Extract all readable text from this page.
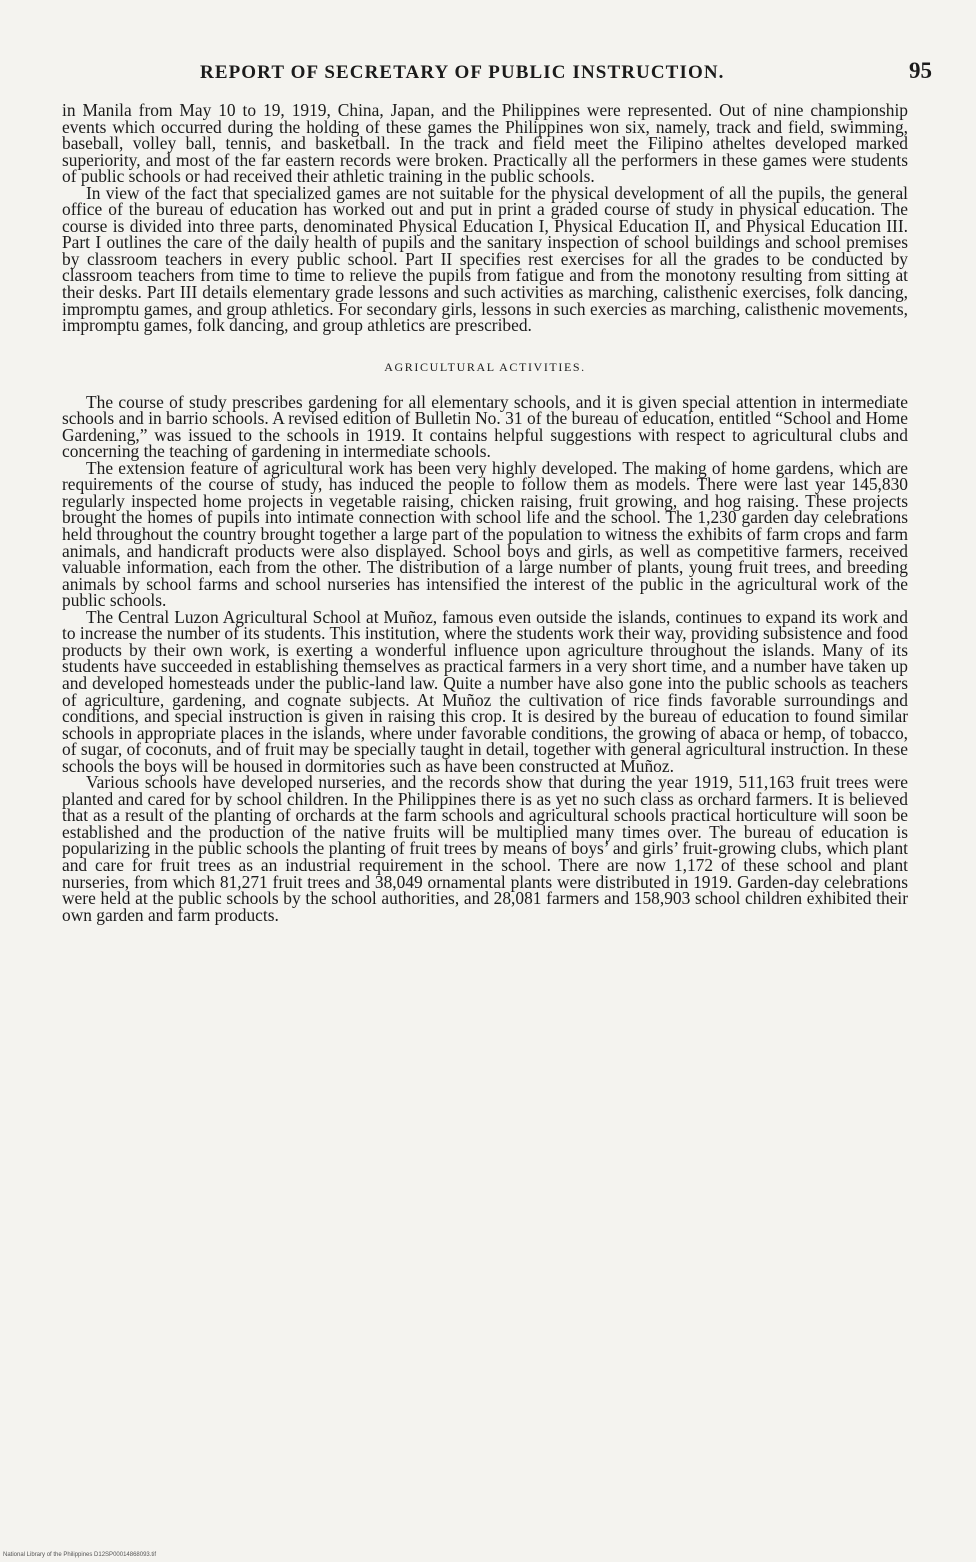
REPORT OF SECRETARY OF PUBLIC INSTRUCTION.	95

in Manila from May 10 to 19, 1919, China, Japan, and the Philippines were represented. Out of nine championship events which occurred during the holding of these games the Philippines won six, namely, track and field, swimming, baseball, volley ball, tennis, and basketball. In the track and field meet the Filipino atheltes developed marked superiority, and most of the far eastern records were broken. Practically all the performers in these games were students of public schools or had received their athletic training in the public schools.

In view of the fact that specialized games are not suitable for the physical development of all the pupils, the general office of the bureau of education has worked out and put in print a graded course of study in physical education. The course is divided into three parts, denominated Physical Education I, Physical Education II, and Physical Education III. Part I outlines the care of the daily health of pupils and the sanitary inspection of school buildings and school premises by classroom teachers in every public school. Part II specifies rest exercises for all the grades to be conducted by classroom teachers from time to time to relieve the pupils from fatigue and from the monotony resulting from sitting at their desks. Part III details elementary grade lessons and such activities as marching, calisthenic exercises, folk dancing, impromptu games, and group athletics. For secondary girls, lessons in such exercies as marching, calisthenic movements, impromptu games, folk dancing, and group athletics are prescribed.

AGRICULTURAL ACTIVITIES.

The course of study prescribes gardening for all elementary schools, and it is given special attention in intermediate schools and in barrio schools. A revised edition of Bulletin No. 31 of the bureau of education, entitled “School and Home Gardening,” was issued to the schools in 1919. It contains helpful suggestions with respect to agricultural clubs and concerning the teaching of gardening in intermediate schools.

The extension feature of agricultural work has been very highly developed. The making of home gardens, which are requirements of the course of study, has induced the people to follow them as models. There were last year 145,830 regularly inspected home projects in vegetable raising, chicken raising, fruit growing, and hog raising. These projects brought the homes of pupils into intimate connection with school life and the school. The 1,230 garden day celebrations held throughout the country brought together a large part of the population to witness the exhibits of farm crops and farm animals, and handicraft products were also displayed. School boys and girls, as well as competitive farmers, received valuable information, each from the other. The distribution of a large number of plants, young fruit trees, and breeding animals by school farms and school nurseries has intensified the interest of the public in the agricultural work of the public schools.

The Central Luzon Agricultural School at Muñoz, famous even outside the islands, continues to expand its work and to increase the number of its students. This institution, where the students work their way, providing subsistence and food products by their own work, is exerting a wonderful influence upon agriculture throughout the islands. Many of its students have succeeded in establishing themselves as practical farmers in a very short time, and a number have taken up and developed homesteads under the public-land law. Quite a number have also gone into the public schools as teachers of agriculture, gardening, and cognate subjects. At Muñoz the cultivation of rice finds favorable surroundings and conditions, and special instruction is given in raising this crop. It is desired by the bureau of education to found similar schools in appropriate places in the islands, where under favorable conditions, the growing of abaca or hemp, of tobacco, of sugar, of coconuts, and of fruit may be specially taught in detail, together with general agricultural instruction. In these schools the boys will be housed in dormitories such as have been constructed at Muñoz.

Various schools have developed nurseries, and the records show that during the year 1919, 511,163 fruit trees were planted and cared for by school children. In the Philippines there is as yet no such class as orchard farmers. It is believed that as a result of the planting of orchards at the farm schools and agricultural schools practical horticulture will soon be established and the production of the native fruits will be multiplied many times over. The bureau of education is popularizing in the public schools the planting of fruit trees by means of boys’ and girls’ fruit-growing clubs, which plant and care for fruit trees as an industrial requirement in the school. There are now 1,172 of these school and plant nurseries, from which 81,271 fruit trees and 38,049 ornamental plants were distributed in 1919. Garden-day celebrations were held at the public schools by the school authorities, and 28,081 farmers and 158,903 school children exhibited their own garden and farm products.

National Library of the Philippines D12SP00014868093.tif
